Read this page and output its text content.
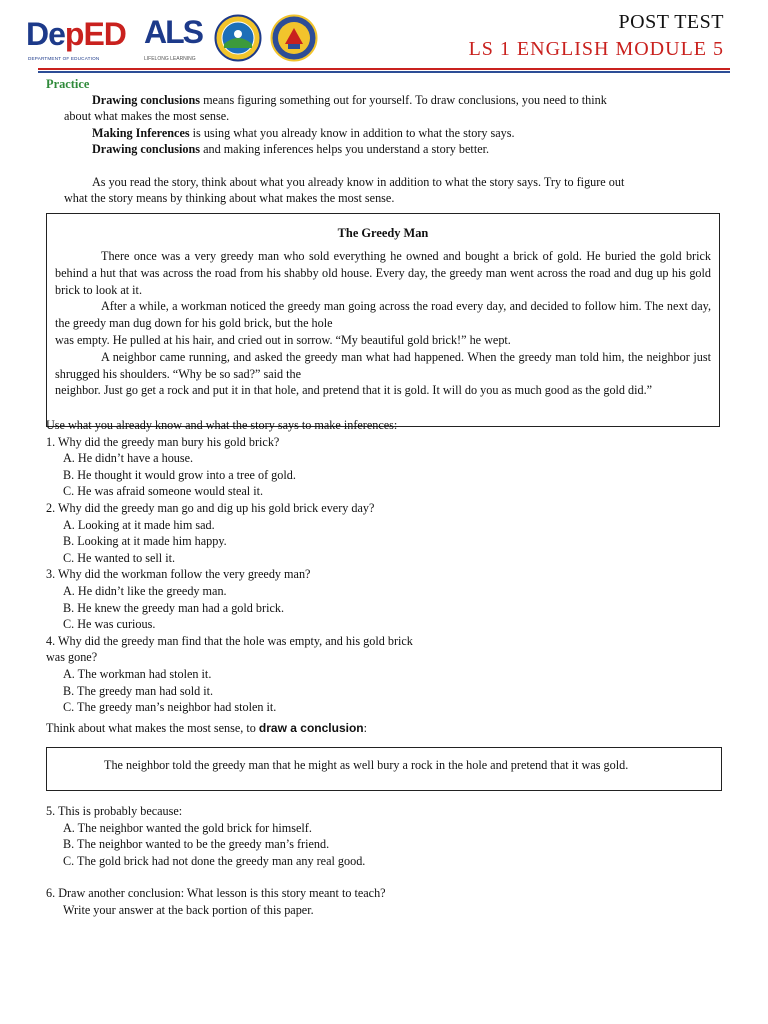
DepED
DEPARTMENT OF EDUCATION
ALS
LIFELONG LEARNING
POST TEST
LS 1 ENGLISH MODULE 5

Practice

Drawing conclusions means figuring something out for yourself. To draw conclusions, you need to think

about what makes the most sense.

Making Inferences is using what you already know in addition to what the story says.

Drawing conclusions and making inferences helps you understand a story better.

As you read the story, think about what you already know in addition to what the story says. Try to figure out

what the story means by thinking about what makes the most sense.

The Greedy Man

There once was a very greedy man who sold everything he owned and bought a brick of gold. He buried the gold brick behind a hut that was across the road from his shabby old house. Every day, the greedy man went across the road and dug up his gold brick to look at it.

After a while, a workman noticed the greedy man going across the road every day, and decided to follow him. The next day, the greedy man dug down for his gold brick, but the hole

was empty. He pulled at his hair, and cried out in sorrow. “My beautiful gold brick!” he wept.

A neighbor came running, and asked the greedy man what had happened. When the greedy man told him, the neighbor just shrugged his shoulders. “Why be so sad?” said the

neighbor. Just go get a rock and put it in that hole, and pretend that it is gold. It will do you as much good as the gold did.”

Use what you already know and what the story says to make inferences:

1. Why did the greedy man bury his gold brick?

A. He didn’t have a house.

B. He thought it would grow into a tree of gold.

C. He was afraid someone would steal it.

2. Why did the greedy man go and dig up his gold brick every day?

A. Looking at it made him sad.

B. Looking at it made him happy.

C. He wanted to sell it.

3. Why did the workman follow the very greedy man?

A. He didn’t like the greedy man.

B. He knew the greedy man had a gold brick.

C. He was curious.

4. Why did the greedy man find that the hole was empty, and his gold brick

was gone?

A. The workman had stolen it.

B. The greedy man had sold it.

C. The greedy man’s neighbor had stolen it.

Think about what makes the most sense, to draw a conclusion:

The neighbor told the greedy man that he might as well bury a rock in the hole and pretend that it was gold.

5. This is probably because:

A. The neighbor wanted the gold brick for himself.

B. The neighbor wanted to be the greedy man’s friend.

C. The gold brick had not done the greedy man any real good.

6. Draw another conclusion: What lesson is this story meant to teach?

Write your answer at the back portion of this paper.
